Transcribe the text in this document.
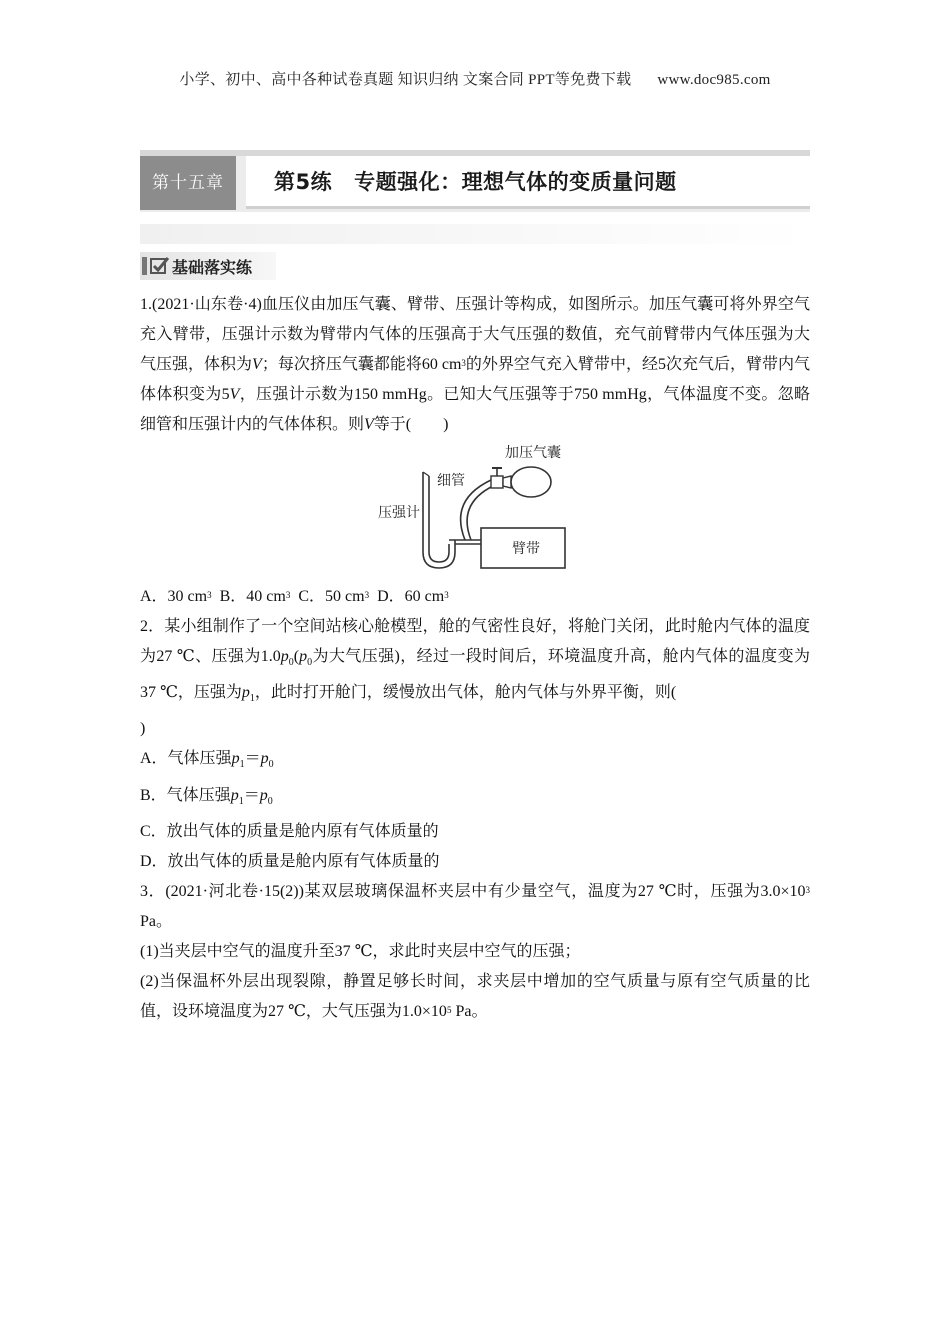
小学、初中、高中各种试卷真题 知识归纳 文案合同 PPT等免费下载 www.doc985.com
第十五章	第5练 专题强化：理想气体的变质量问题
基础落实练

1.(2021·山东卷·4)血压仪由加压气囊、臂带、压强计等构成，如图所示。加压气囊可将外界空气充入臂带，压强计示数为臂带内气体的压强高于大气压强的数值，充气前臂带内气体压强为大气压强，体积为V；每次挤压气囊都能将60 $cm^3$的外界空气充入臂带中，经5次充气后，臂带内气体体积变为5V，压强计示数为150 mmHg。已知大气压强等于750 mmHg，气体温度不变。忽略细管和压强计内的气体体积。则V等于(　　)

加压气囊
细管
压强计
臂带

A．30 $cm^3$ B．40 $cm^3$ C．50 $cm^3$ D．60 $cm^3$

2．某小组制作了一个空间站核心舱模型，舱的气密性良好，将舱门关闭，此时舱内气体的温度为27 ℃、压强为$1.0p_0(p_0$为大气压强)，经过一段时间后，环境温度升高，舱内气体的温度变为37 ℃，压强为$p_1$，此时打开舱门，缓慢放出气体，舱内气体与外界平衡，则(
)

A．气体压强$p_1=p_0$

B．气体压强$p_1=p_0$

C．放出气体的质量是舱内原有气体质量的

D．放出气体的质量是舱内原有气体质量的

3．(2021·河北卷·15(2))某双层玻璃保温杯夹层中有少量空气，温度为27 ℃时，压强为$3.0\times 10^3$ Pa。

(1)当夹层中空气的温度升至37 ℃，求此时夹层中空气的压强；

(2)当保温杯外层出现裂隙，静置足够长时间，求夹层中增加的空气质量与原有空气质量的比值，设环境温度为27 ℃，大气压强为$1.0\times 10^5$ Pa。
